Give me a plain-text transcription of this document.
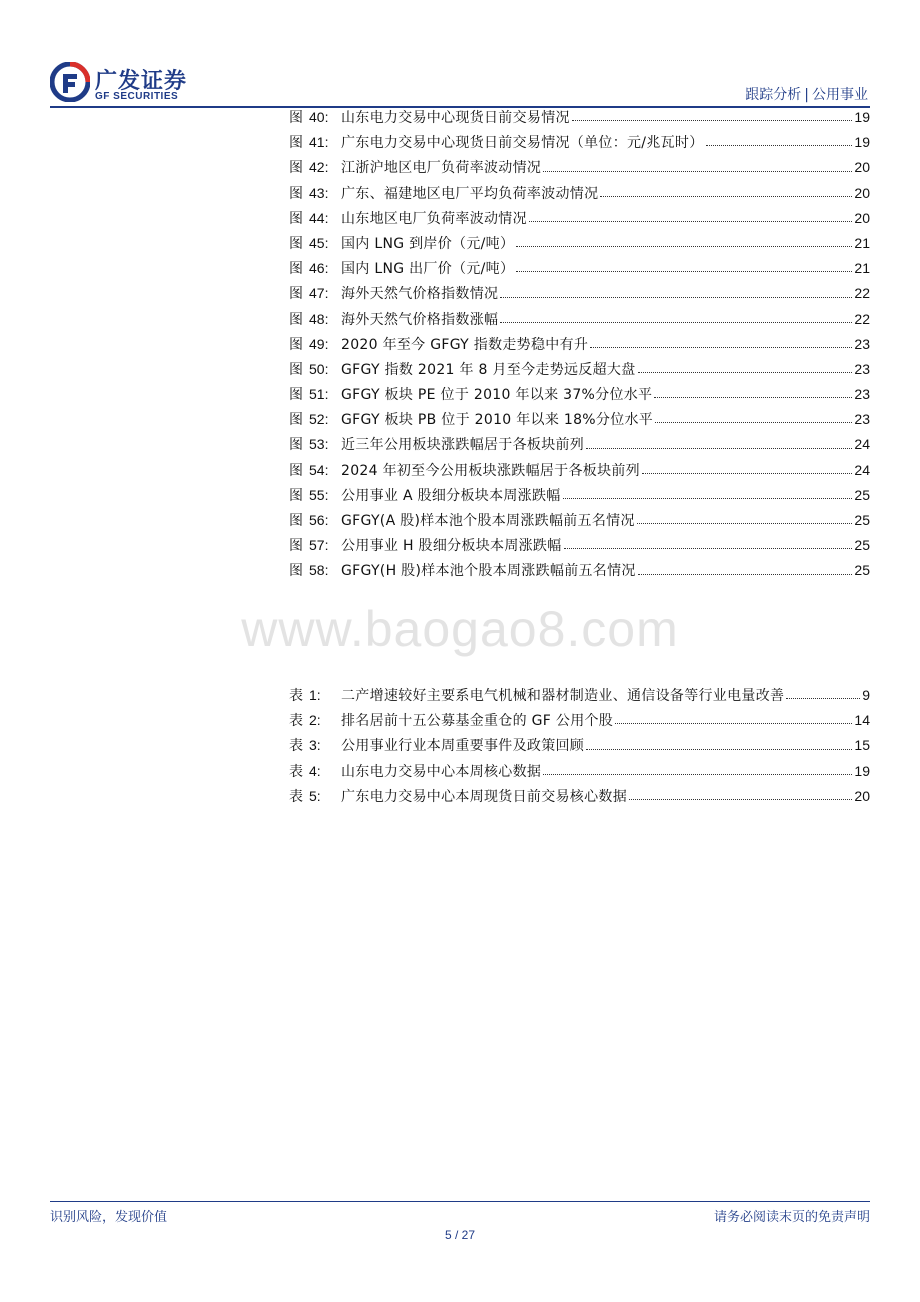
广发证券
GF SECURITIES	跟踪分析 | 公用事业
图 40: 山东电力交易中心现货日前交易情况	19
图 41: 广东电力交易中心现货日前交易情况（单位：元/兆瓦时）	19
图 42: 江浙沪地区电厂负荷率波动情况	20
图 43: 广东、福建地区电厂平均负荷率波动情况	20
图 44: 山东地区电厂负荷率波动情况	20
图 45: 国内 LNG 到岸价（元/吨）	21
图 46: 国内 LNG 出厂价（元/吨）	21
图 47: 海外天然气价格指数情况	22
图 48: 海外天然气价格指数涨幅	22
图 49: 2020 年至今 GFGY 指数走势稳中有升	23
图 50: GFGY 指数 2021 年 8 月至今走势远反超大盘	23
图 51: GFGY 板块 PE 位于 2010 年以来 37%分位水平	23
图 52: GFGY 板块 PB 位于 2010 年以来 18%分位水平	23
图 53: 近三年公用板块涨跌幅居于各板块前列	24
图 54: 2024 年初至今公用板块涨跌幅居于各板块前列	24
图 55: 公用事业 A 股细分板块本周涨跌幅	25
图 56: GFGY(A 股)样本池个股本周涨跌幅前五名情况	25
图 57: 公用事业 H 股细分板块本周涨跌幅	25
图 58: GFGY(H 股)样本池个股本周涨跌幅前五名情况	25
www.baogao8.com
表 1:	二产增速较好主要系电气机械和器材制造业、通信设备等行业电量改善	9
表 2:	排名居前十五公募基金重仓的 GF 公用个股	14
表 3:	公用事业行业本周重要事件及政策回顾	15
表 4:	山东电力交易中心本周核心数据	19
表 5:	广东电力交易中心本周现货日前交易核心数据	20
识别风险，发现价值	请务必阅读末页的免责声明
5 / 27
